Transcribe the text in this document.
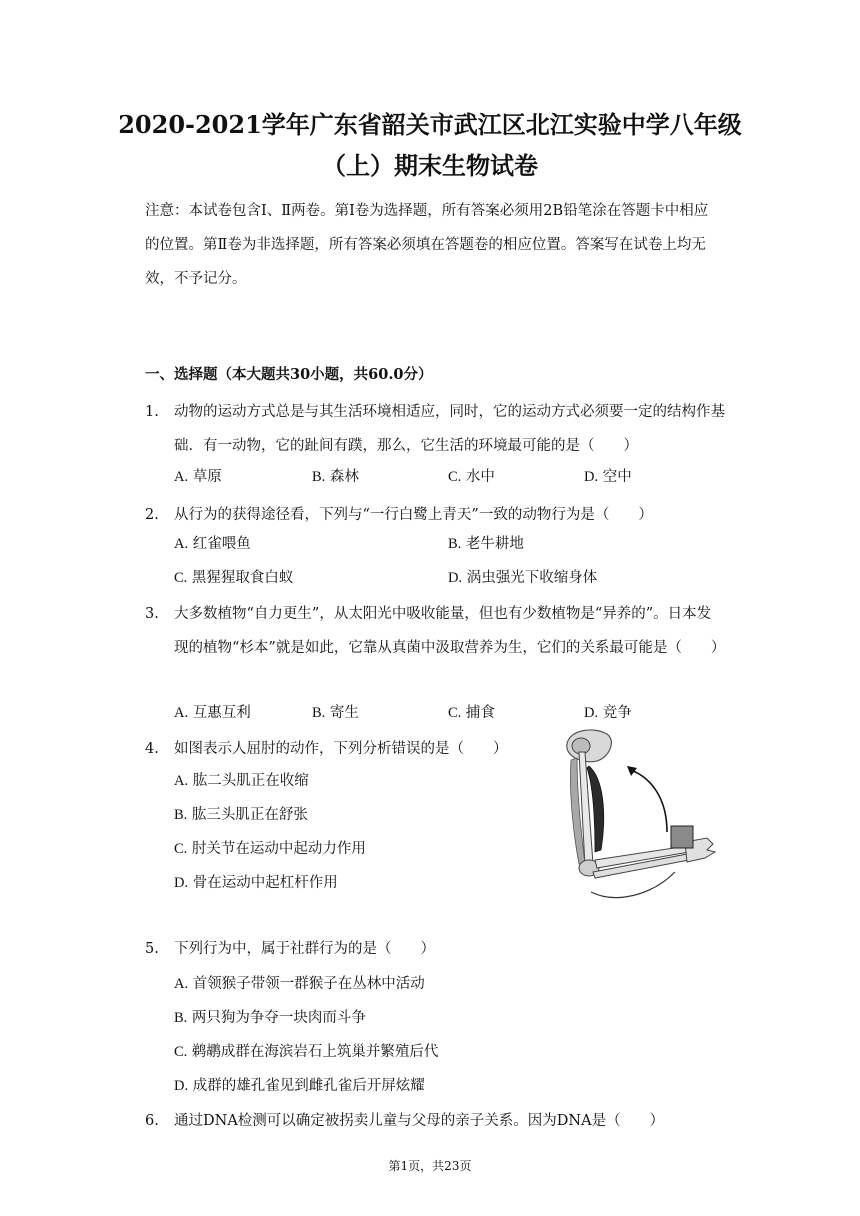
2020-2021学年广东省韶关市武江区北江实验中学八年级
（上）期末生物试卷

注意：本试卷包含Ⅰ、Ⅱ两卷。第Ⅰ卷为选择题，所有答案必须用2B铅笔涂在答题卡中相应的位置。第Ⅱ卷为非选择题，所有答案必须填在答题卷的相应位置。答案写在试卷上均无效，不予记分。

一、选择题（本大题共30小题，共60.0分）
1.	动物的运动方式总是与其生活环境相适应，同时，它的运动方式必须要一定的结构作基础．有一动物，它的趾间有蹼，那么，它生活的环境最可能的是（　　）
A. 草原	B. 森林	C. 水中	D. 空中
2.	从行为的获得途径看，下列与“一行白鹭上青天”一致的动物行为是（　　）
A. 红雀喂鱼	B. 老牛耕地
C. 黑猩猩取食白蚁	D. 涡虫强光下收缩身体
3.	大多数植物“自力更生”，从太阳光中吸收能量，但也有少数植物是“异养的”。日本发现的植物“杉本”就是如此，它靠从真菌中汲取营养为生，它们的关系最可能是（　　）
A. 互惠互利	B. 寄生	C. 捕食	D. 竞争
4.	如图表示人屈肘的动作，下列分析错误的是（　　）
A. 肱二头肌正在收缩
B. 肱三头肌正在舒张
C. 肘关节在运动中起动力作用
D. 骨在运动中起杠杆作用
5.	下列行为中，属于社群行为的是（　　）
A. 首领猴子带领一群猴子在丛林中活动
B. 两只狗为争夺一块肉而斗争
C. 鹈鹕成群在海滨岩石上筑巢并繁殖后代
D. 成群的雄孔雀见到雌孔雀后开屏炫耀
6.	通过DNA检测可以确定被拐卖儿童与父母的亲子关系。因为DNA是（　　）
第1页，共23页
